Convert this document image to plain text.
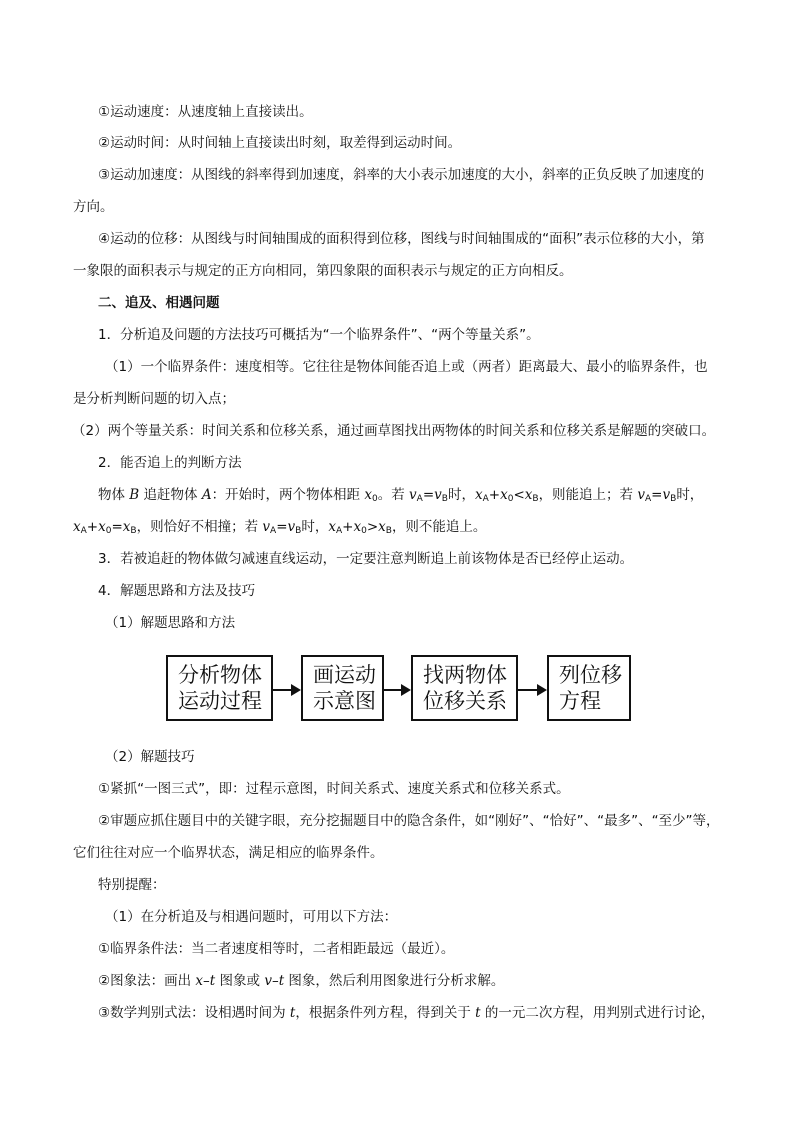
①运动速度：从速度轴上直接读出。
②运动时间：从时间轴上直接读出时刻，取差得到运动时间。
③运动加速度：从图线的斜率得到加速度，斜率的大小表示加速度的大小，斜率的正负反映了加速度的
方向。
④运动的位移：从图线与时间轴围成的面积得到位移，图线与时间轴围成的“面积”表示位移的大小，第
一象限的面积表示与规定的正方向相同，第四象限的面积表示与规定的正方向相反。
二、追及、相遇问题
1．分析追及问题的方法技巧可概括为“一个临界条件”、“两个等量关系”。
（1）一个临界条件：速度相等。它往往是物体间能否追上或（两者）距离最大、最小的临界条件，也
是分析判断问题的切入点；
（2）两个等量关系：时间关系和位移关系，通过画草图找出两物体的时间关系和位移关系是解题的突破口。
2．能否追上的判断方法
物体 B 追赶物体 A：开始时，两个物体相距 $x_0$。若 $v_A=v_B$时，$x_A+x_0<x_B$，则能追上；若 $v_A=v_B$时，
$x_A+x_0=x_B$，则恰好不相撞；若 $v_A=v_B$时，$x_A+x_0>x_B$，则不能追上。
3．若被追赶的物体做匀减速直线运动，一定要注意判断追上前该物体是否已经停止运动。
4．解题思路和方法及技巧
（1）解题思路和方法
分析物体
运动过程
画运动
示意图
找两物体
位移关系
列位移
方程
（2）解题技巧
①紧抓“一图三式”，即：过程示意图，时间关系式、速度关系式和位移关系式。
②审题应抓住题目中的关键字眼，充分挖掘题目中的隐含条件，如“刚好”、“恰好”、“最多”、“至少”等，
它们往往对应一个临界状态，满足相应的临界条件。
特别提醒：
（1）在分析追及与相遇问题时，可用以下方法：
①临界条件法：当二者速度相等时，二者相距最远（最近）。
②图象法：画出 x–t 图象或 v–t 图象，然后利用图象进行分析求解。
③数学判别式法：设相遇时间为 t，根据条件列方程，得到关于 t 的一元二次方程，用判别式进行讨论，
